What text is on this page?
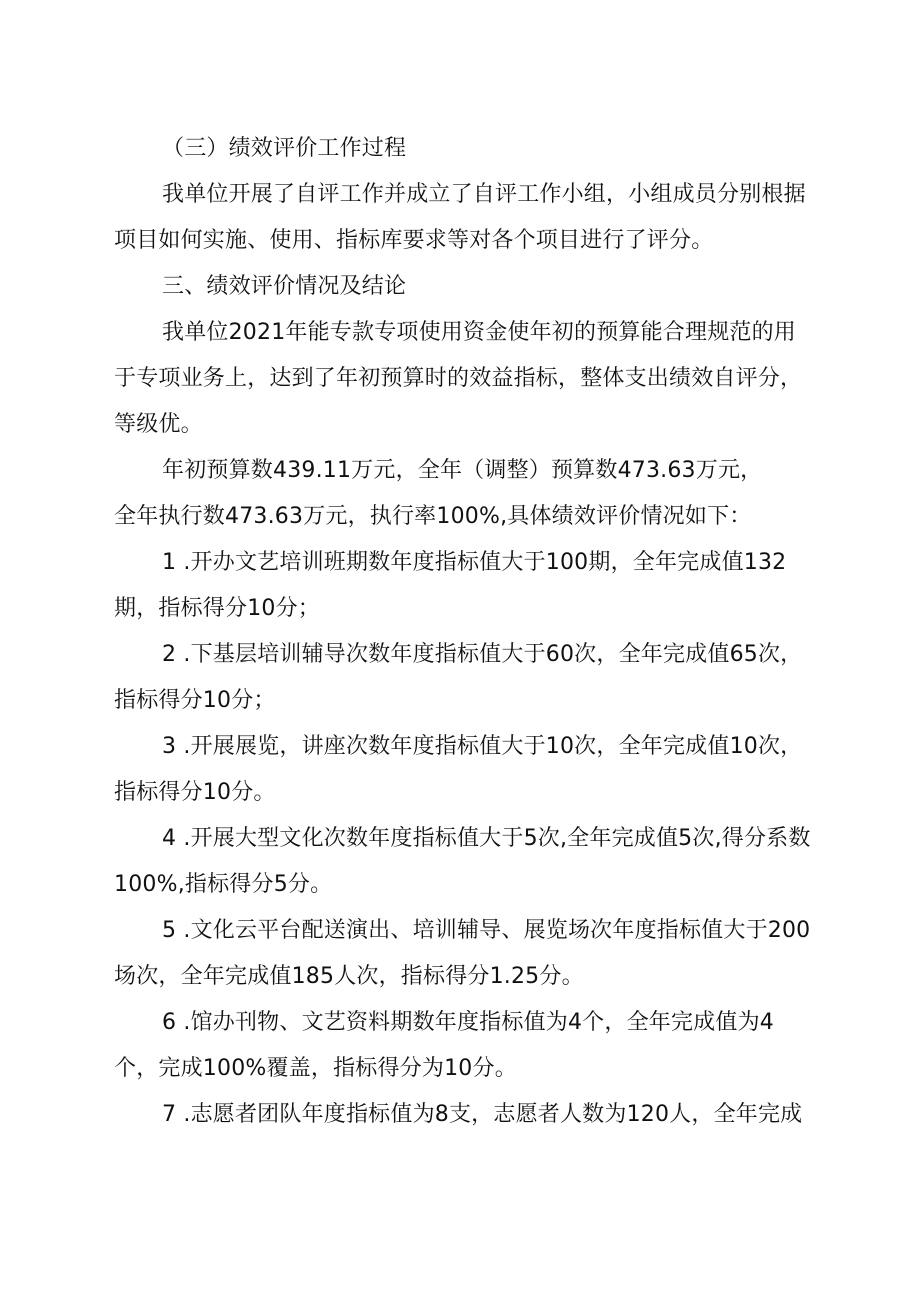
（三）绩效评价工作过程

我单位开展了自评工作并成立了自评工作小组，小组成员分别根据项目如何实施、使用、指标库要求等对各个项目进行了评分。

三、绩效评价情况及结论

我单位2021年能专款专项使用资金使年初的预算能合理规范的用于专项业务上，达到了年初预算时的效益指标，整体支出绩效自评分，等级优。

年初预算数439.11万元，全年（调整）预算数473.63万元，

全年执行数473.63万元，执行率100%,具体绩效评价情况如下：

1 .开办文艺培训班期数年度指标值大于100期，全年完成值132期，指标得分10分；

2 .下基层培训辅导次数年度指标值大于60次，全年完成值65次，指标得分10分；

3 .开展展览，讲座次数年度指标值大于10次，全年完成值10次，指标得分10分。

4 .开展大型文化次数年度指标值大于5次,全年完成值5次,得分系数100%,指标得分5分。

5 .文化云平台配送演出、培训辅导、展览场次年度指标值大于200场次，全年完成值185人次，指标得分1.25分。

6 .馆办刊物、文艺资料期数年度指标值为4个，全年完成值为4个，完成100%覆盖，指标得分为10分。

7 .志愿者团队年度指标值为8支，志愿者人数为120人，全年完成
